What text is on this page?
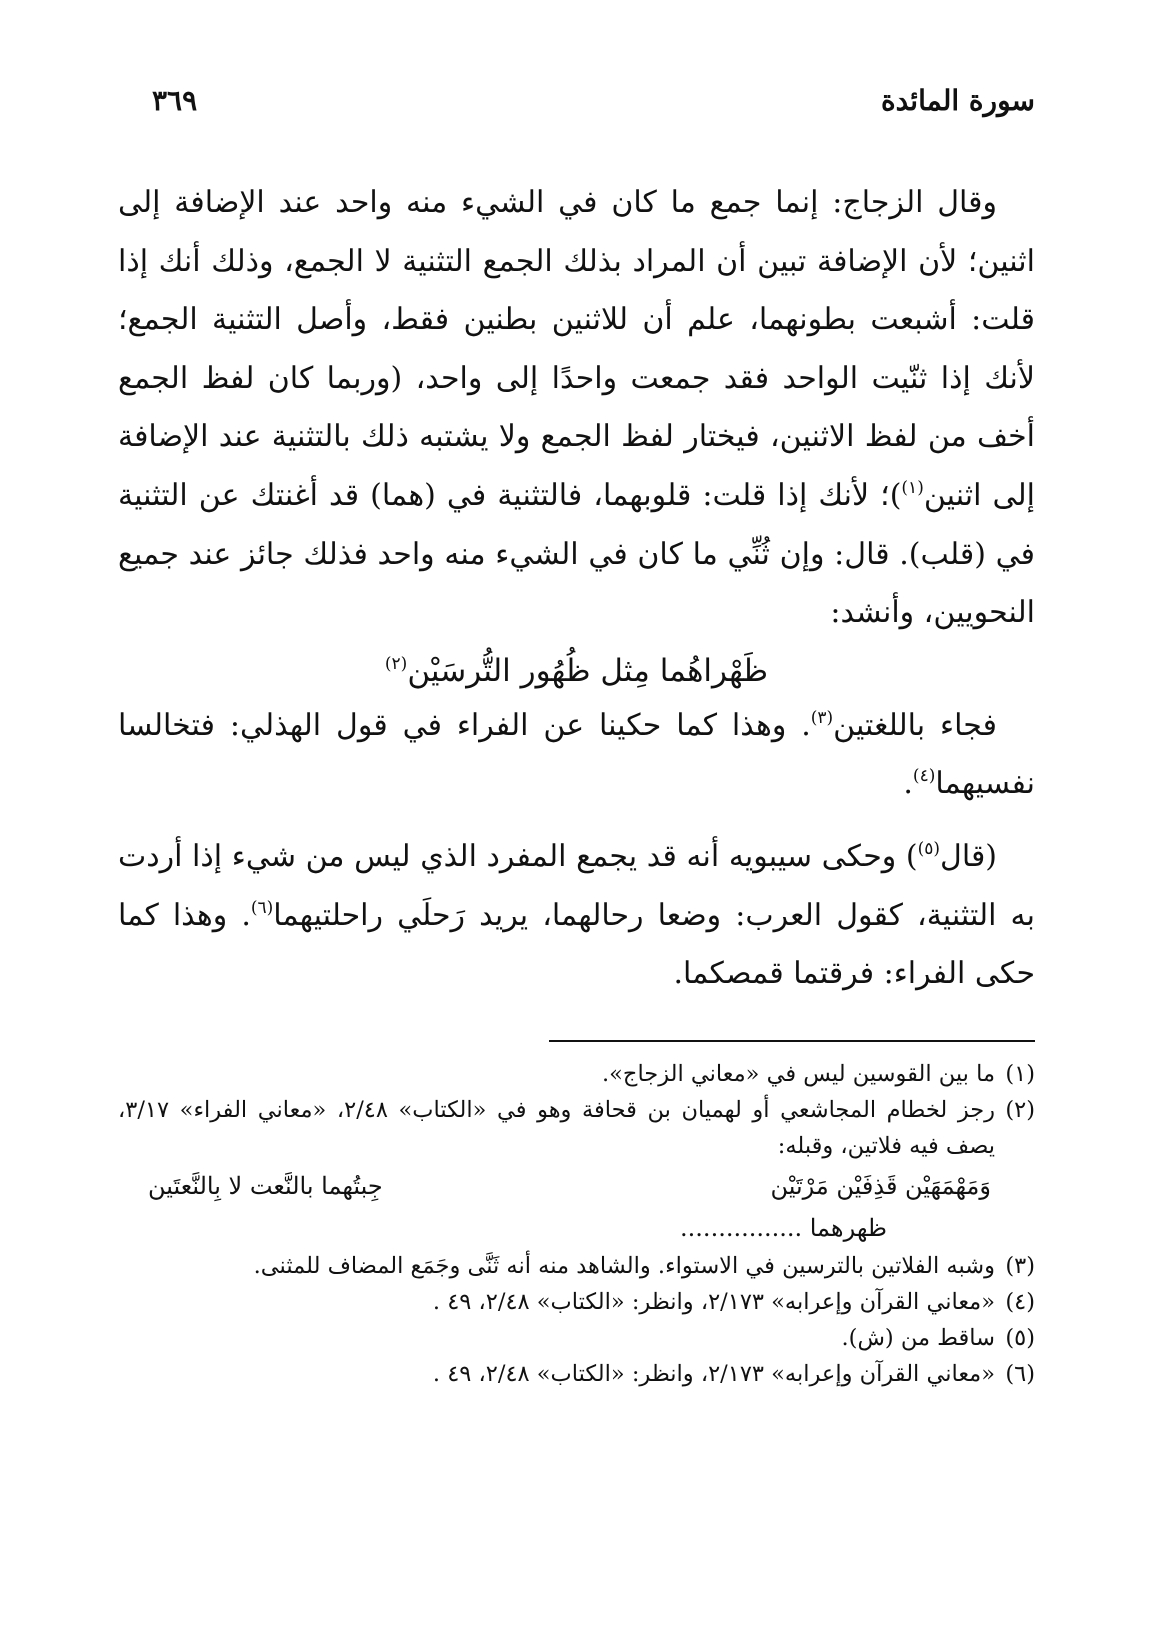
سورة المائدة
٣٦٩

وقال الزجاج: إنما جمع ما كان في الشيء منه واحد عند الإضافة إلى اثنين؛ لأن الإضافة تبين أن المراد بذلك الجمع التثنية لا الجمع، وذلك أنك إذا قلت: أشبعت بطونهما، علم أن للاثنين بطنين فقط، وأصل التثنية الجمع؛ لأنك إذا ثنّيت الواحد فقد جمعت واحدًا إلى واحد، (وربما كان لفظ الجمع أخف من لفظ الاثنين، فيختار لفظ الجمع ولا يشتبه ذلك بالتثنية عند الإضافة إلى اثنين$^{(١)}$)؛ لأنك إذا قلت: قلوبهما، فالتثنية في (هما) قد أغنتك عن التثنية في (قلب). قال: وإن ثُنِّي ما كان في الشيء منه واحد فذلك جائز عند جميع النحويين، وأنشد:

ظَهْراهُما مِثل ظُهُور التُّرسَيْن$^{(٢)}$

فجاء باللغتين$^{(٣)}$. وهذا كما حكينا عن الفراء في قول الهذلي: فتخالسا نفسيهما$^{(٤)}$.

(قال$^{(٥)}$) وحكى سيبويه أنه قد يجمع المفرد الذي ليس من شيء إذا أردت به التثنية، كقول العرب: وضعا رحالهما، يريد رَحلَي راحلتيهما$^{(٦)}$. وهذا كما حكى الفراء: فرقتما قمصكما.

(١)
ما بين القوسين ليس في «معاني الزجاج».
(٢)
رجز لخطام المجاشعي أو لهميان بن قحافة وهو في «الكتاب» ٢/٤٨، «معاني الفراء» ٣/١٧، يصف فيه فلاتين، وقبله:
وَمَهْمَهَيْن قَذِفَيْن مَرْتَيْن
جِبتُهما بالنَّعت لا بِالنَّعتَين
ظهرهما ................
(٣)
وشبه الفلاتين بالترسين في الاستواء. والشاهد منه أنه ثَنَّى وجَمَع المضاف للمثنى.
(٤)
«معاني القرآن وإعرابه» ٢/١٧٣، وانظر: «الكتاب» ٢/٤٨، ٤٩ .
(٥)
ساقط من (ش).
(٦)
«معاني القرآن وإعرابه» ٢/١٧٣، وانظر: «الكتاب» ٢/٤٨، ٤٩ .
